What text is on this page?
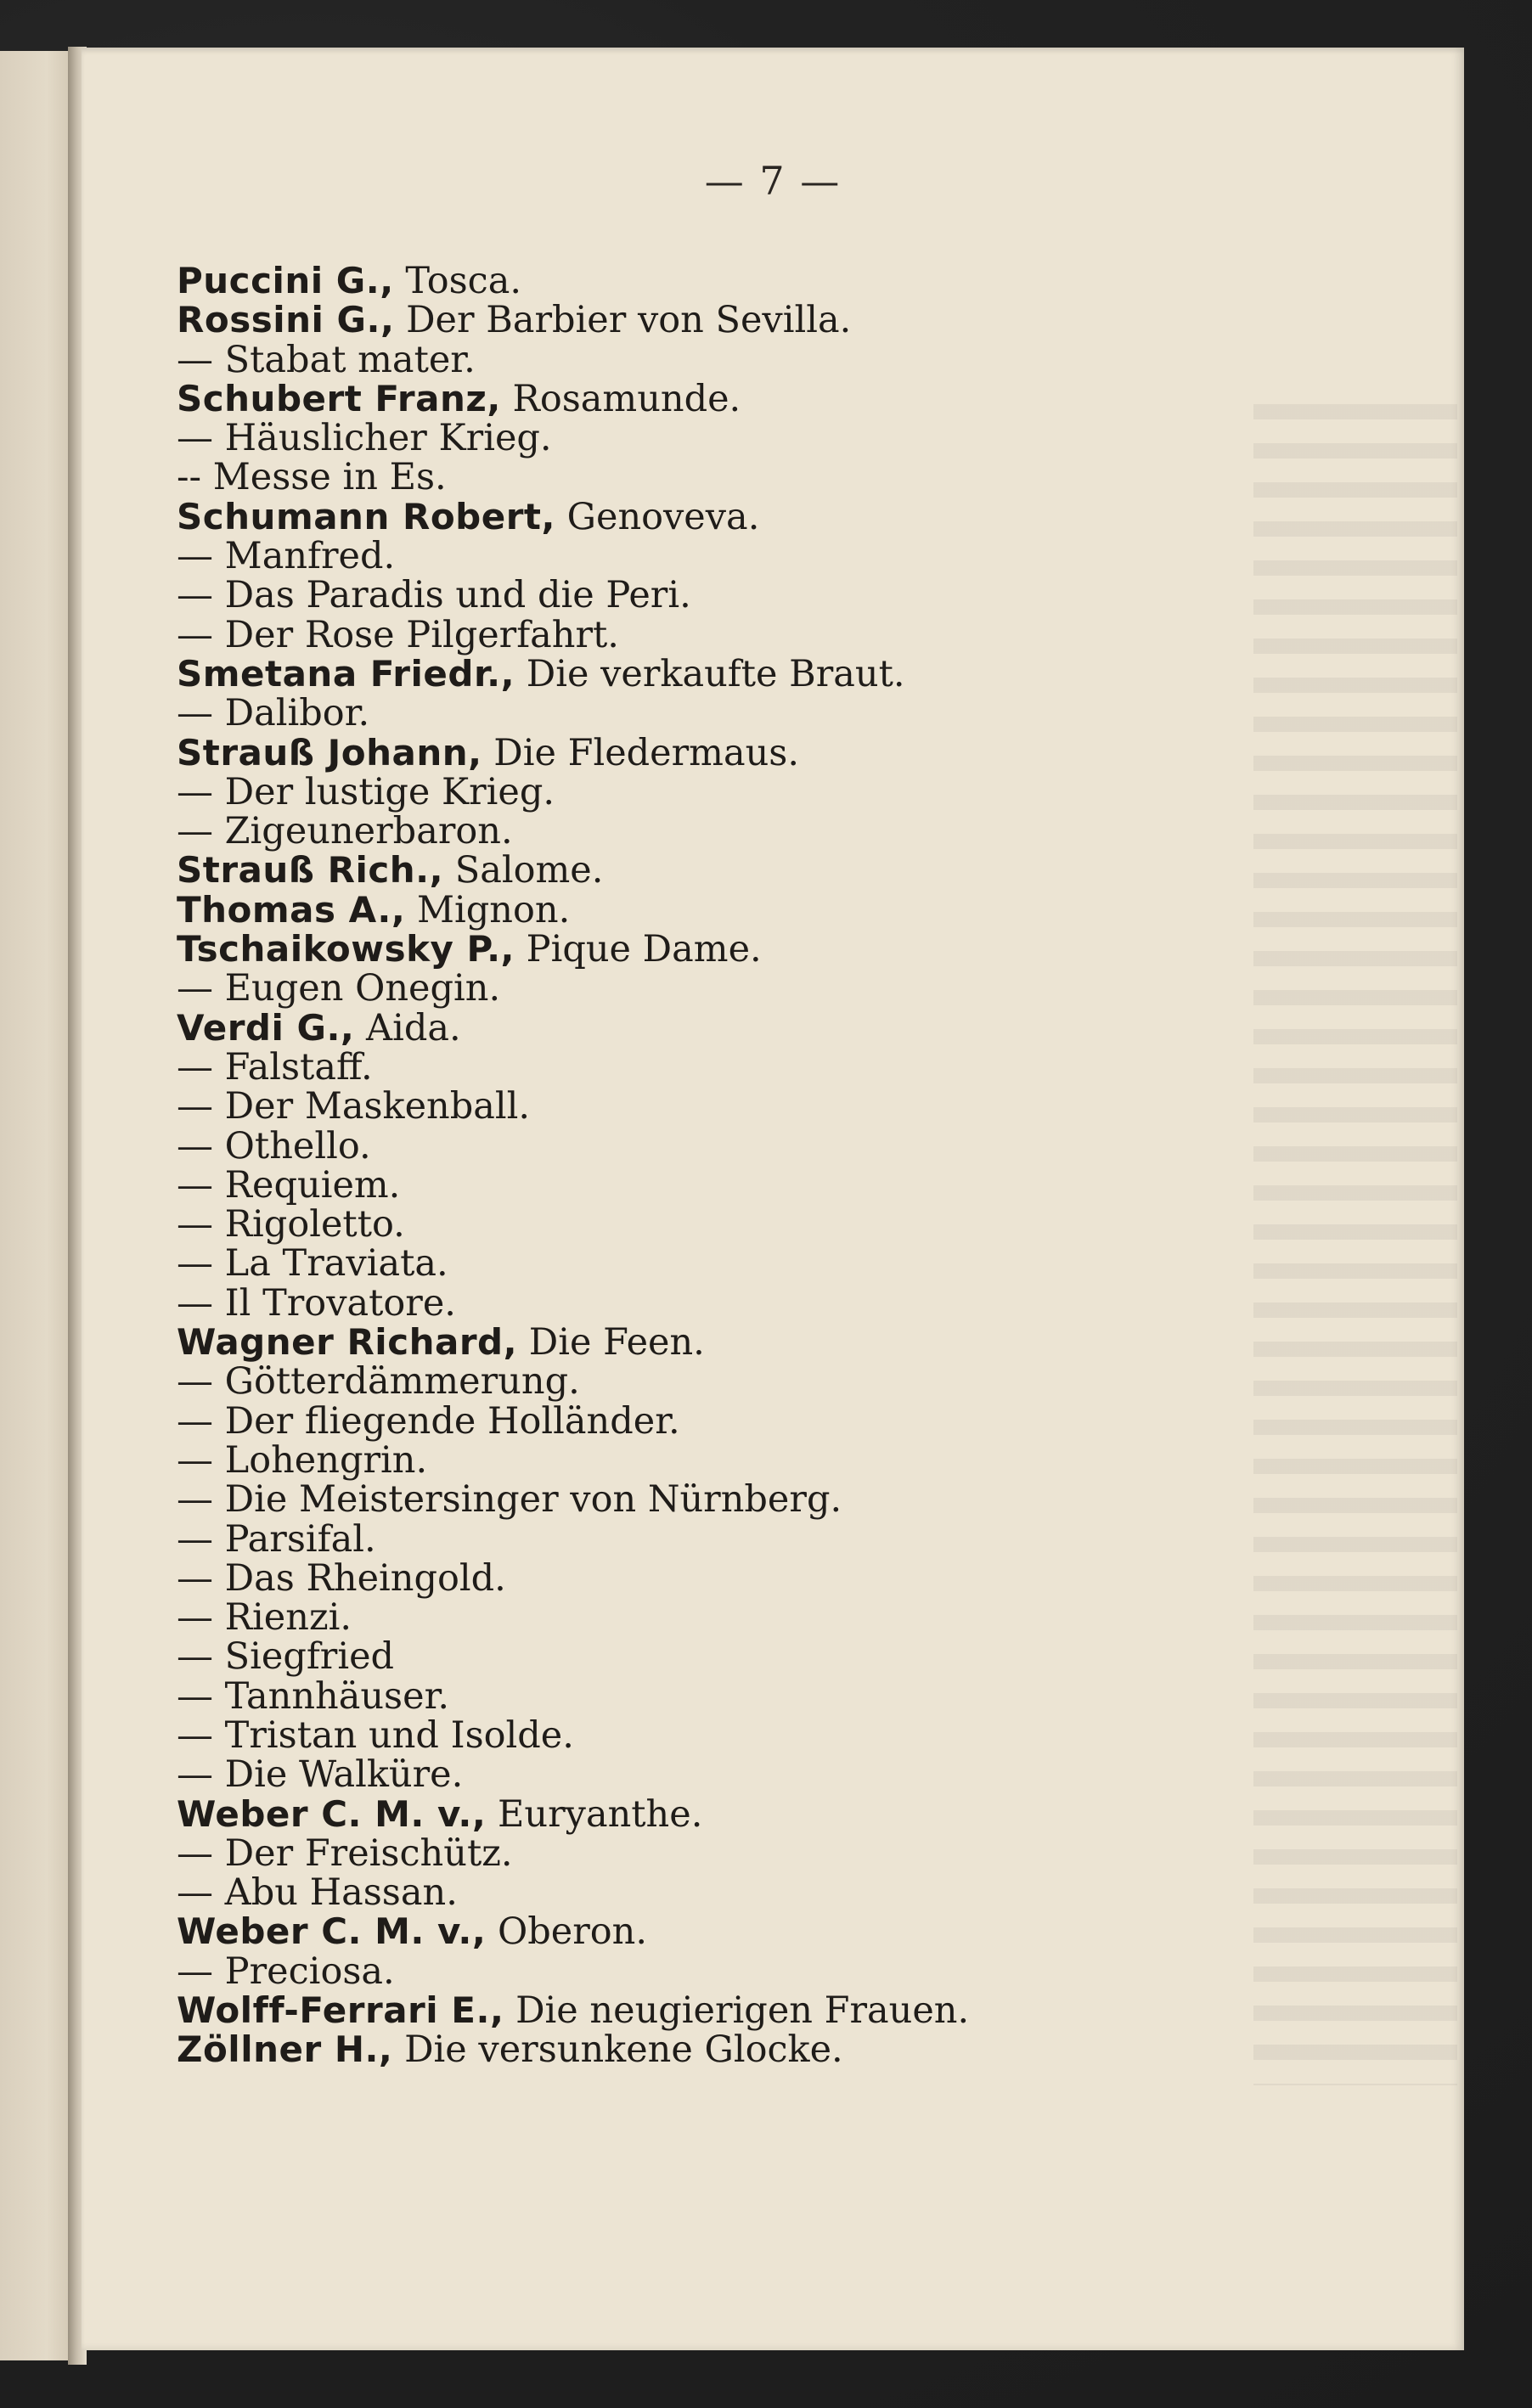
— 7 —
Puccini G., Tosca.
Rossini G., Der Barbier von Sevilla.
— Stabat mater.
Schubert Franz, Rosamunde.
— Häuslicher Krieg.
-- Messe in Es.
Schumann Robert, Genoveva.
— Manfred.
— Das Paradis und die Peri.
— Der Rose Pilgerfahrt.
Smetana Friedr., Die verkaufte Braut.
— Dalibor.
Strauß Johann, Die Fledermaus.
— Der lustige Krieg.
— Zigeunerbaron.
Strauß Rich., Salome.
Thomas A., Mignon.
Tschaikowsky P., Pique Dame.
— Eugen Onegin.
Verdi G., Aida.
— Falstaff.
— Der Maskenball.
— Othello.
— Requiem.
— Rigoletto.
— La Traviata.
— Il Trovatore.
Wagner Richard, Die Feen.
— Götterdämmerung.
— Der fliegende Holländer.
— Lohengrin.
— Die Meistersinger von Nürnberg.
— Parsifal.
— Das Rheingold.
— Rienzi.
— Siegfried
— Tannhäuser.
— Tristan und Isolde.
— Die Walküre.
Weber C. M. v., Euryanthe.
— Der Freischütz.
— Abu Hassan.
Weber C. M. v., Oberon.
— Preciosa.
Wolff-Ferrari E., Die neugierigen Frauen.
Zöllner H., Die versunkene Glocke.
